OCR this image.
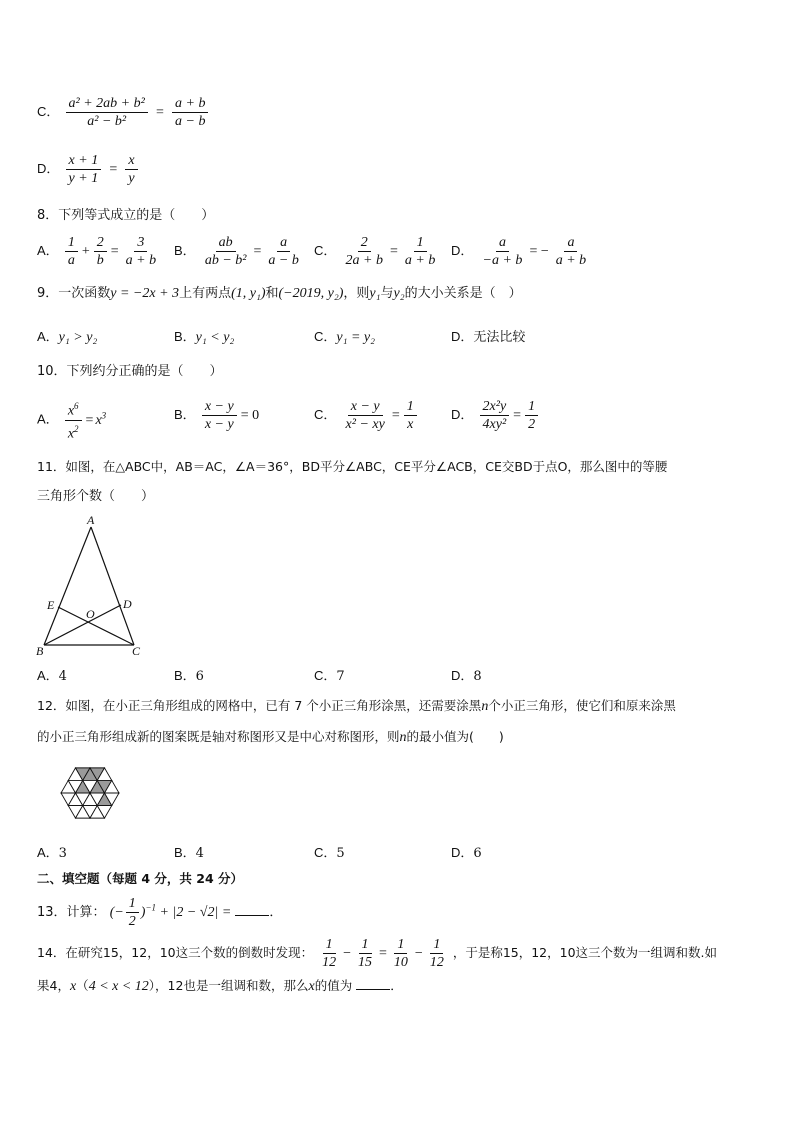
C． $\frac{\text{a² + 2ab + b²}}{\text{a² − b²}} = \frac{a + b}{a - b}$
D． $\frac{x + 1}{y + 1} = \frac{x}{y}$
8．下列等式成立的是（　　）
A． $\frac{1}{a} + \frac{2}{b} = \frac{3}{a + b}$ B． $\frac{ab}{\text{ab − b²}} = \frac{a}{a - b}$ C． $\frac{2}{2a + b} = \frac{1}{a + b}$ D． $\frac{a}{-a + b}$ = − $\frac{a}{a + b}$
9．一次函数y = −2x + 3上有两点(1, y₁)和(−2019, y₂)，则y₁与y₂的大小关系是（　）
A．y₁ > y₂	B．y₁ < y₂	C．y₁ = y₂	D．无法比较
10．下列约分正确的是（　　）
A． $\frac{x^6}{x^2} = x^3$	B． $\frac{x - y}{x - y} = 0$	C． $\frac{x - y}{\text{x² − xy}} = \frac{1}{x}$	D． $\frac{\text{2x²y}}{\text{4xy²}} = \frac{1}{2}$
11．如图，在△ABC中，AB＝AC，∠A＝36°，BD平分∠ABC，CE平分∠ACB，CE交BD于点O，那么图中的等腰
三角形个数（　　）
A
B	C
D
E
O
A．4	B．6	C．7	D．8
12．如图，在小正三角形组成的网格中，已有 7 个小正三角形涂黑，还需要涂黑n个小正三角形，使它们和原来涂黑
的小正三角形组成新的图案既是轴对称图形又是中心对称图形，则n的最小值为(　　)
A．3	B．4	C．5	D．6
二、填空题（每题 4 分，共 24 分）
13．计算： (− $\frac{1}{2} )^{-1} + |2 - √2|$ =	．
14．在研究15，12，10这三个数的倒数时发现： $\frac{1}{12} - \frac{1}{15} = \frac{1}{10} - \frac{1}{12}$ ，于是称15，12，10这三个数为一组调和数.如
果4，x（4 < x < 12），12也是一组调和数，那么x的值为	．
